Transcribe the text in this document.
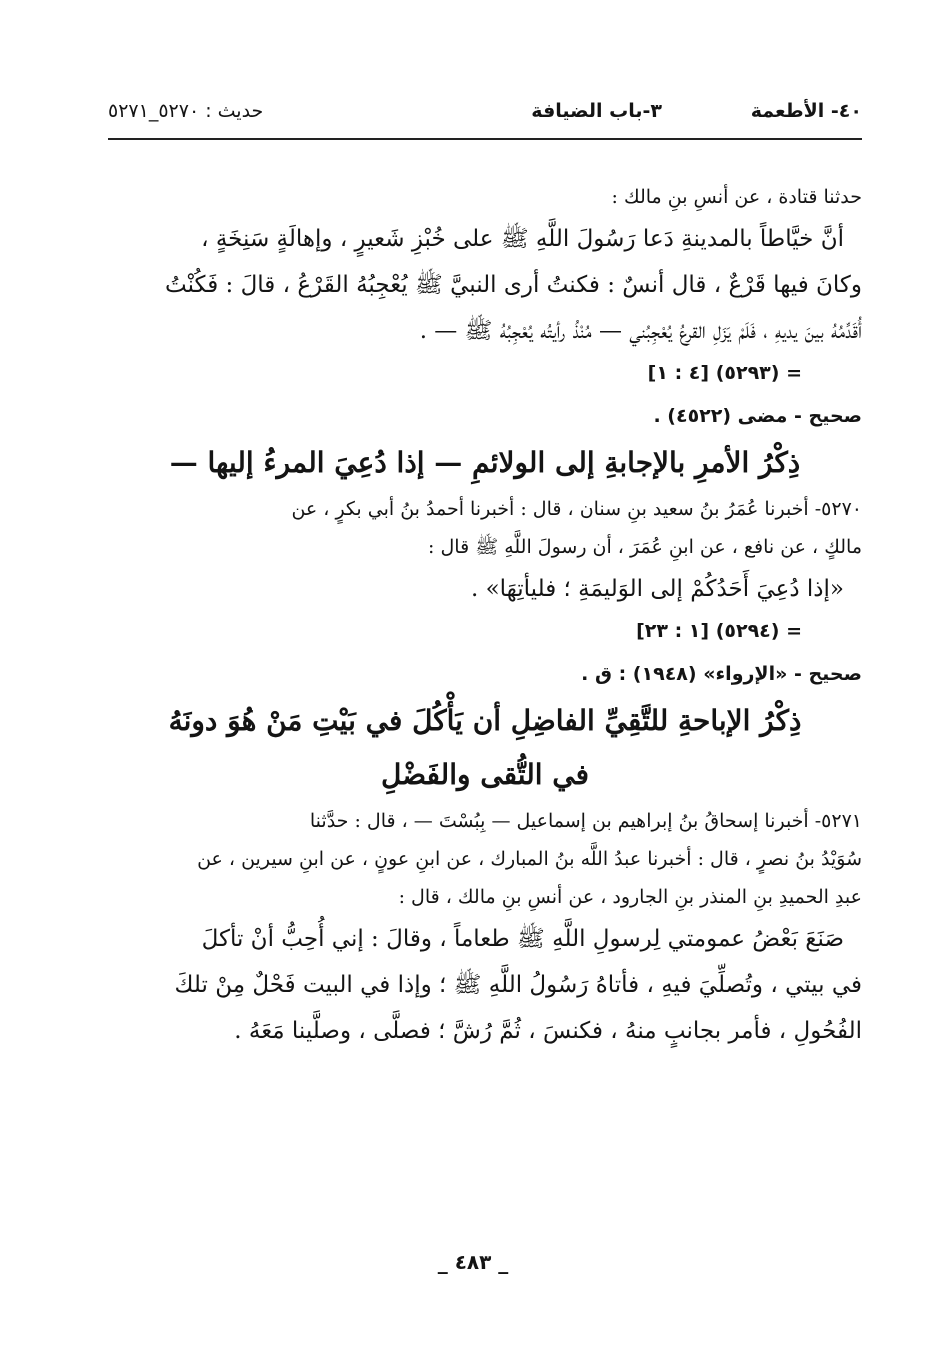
٤٠- الأطعمة
٣-باب الضيافة
حديث : ٥٢٧٠_٥٢٧١

حدثنا قتادة ، عن أنسِ بنِ مالك :

أنَّ خيَّاطاً بالمدينةِ دَعا رَسُولَ اللَّهِ ﷺ على خُبْزِ شَعيرٍ ، وإهالَةٍ سَنِخَةٍ ،

وكانَ فيها قَرْعٌ ، قال أنسٌ : فكنتُ أرى النبيَّ ﷺ يُعْجِبُهُ القَرْعُ ، قالَ : فَكُنْتُ

أُقَدِّمُهُ بينَ يديهِ ، فَلَمْ يَزَلِ القرعُ يُعْجِبُني — مُنْذُ رأيتُه يُعْجِبُهُ ﷺ — .

= (٥٢٩٣) [٤ : ١]

صحيح - مضى (٤٥٢٢) .

ذِكْرُ الأمرِ بالإجابةِ إلى الولائمِ — إذا دُعِيَ المرءُ إليها —

٥٢٧٠- أخبرنا عُمَرُ بنُ سعيد بنِ سنان ، قال : أخبرنا أحمدُ بنُ أبي بكرٍ ، عن

مالكٍ ، عن نافع ، عن ابنِ عُمَرَ ، أن رسولَ اللَّهِ ﷺ قال :

«إذا دُعِيَ أَحَدُكُمْ إلى الوَليمَةِ ؛ فليأتِهَا» .

= (٥٢٩٤) [١ : ٢٣]

صحيح - «الإرواء» (١٩٤٨) : ق .

ذِكْرُ الإباحةِ للتَّقِيِّ الفاضِلِ أن يَأْكُلَ في بَيْتِ مَنْ هُوَ دونَهُ

في التُّقى والفَضْلِ

٥٢٧١- أخبرنا إسحاقُ بنُ إبراهيم بن إسماعيل — بِبُسْتَ — ، قال : حدَّثنا

سُوَيْدُ بنُ نصرٍ ، قال : أخبرنا عبدُ اللَّه بنُ المبارك ، عن ابنِ عونٍ ، عن ابنِ سيرين ، عن

عبدِ الحميدِ بنِ المنذر بنِ الجارود ، عن أنسِ بنِ مالك ، قال :

صَنَعَ بَعْضُ عمومتي لِرسولِ اللَّهِ ﷺ طعاماً ، وقالَ : إني أُحِبُّ أنْ تأكلَ

في بيتي ، وتُصلِّيَ فيهِ ، فأتاهُ رَسُولُ اللَّهِ ﷺ ؛ وإذا في البيت فَحْلٌ مِنْ تلكَ

الفُحُولِ ، فأمر بجانبٍ منهُ ، فكنسَ ، ثُمَّ رُشَّ ؛ فصلَّى ، وصلَّينا مَعَهُ .

_ ٤٨٣ _
